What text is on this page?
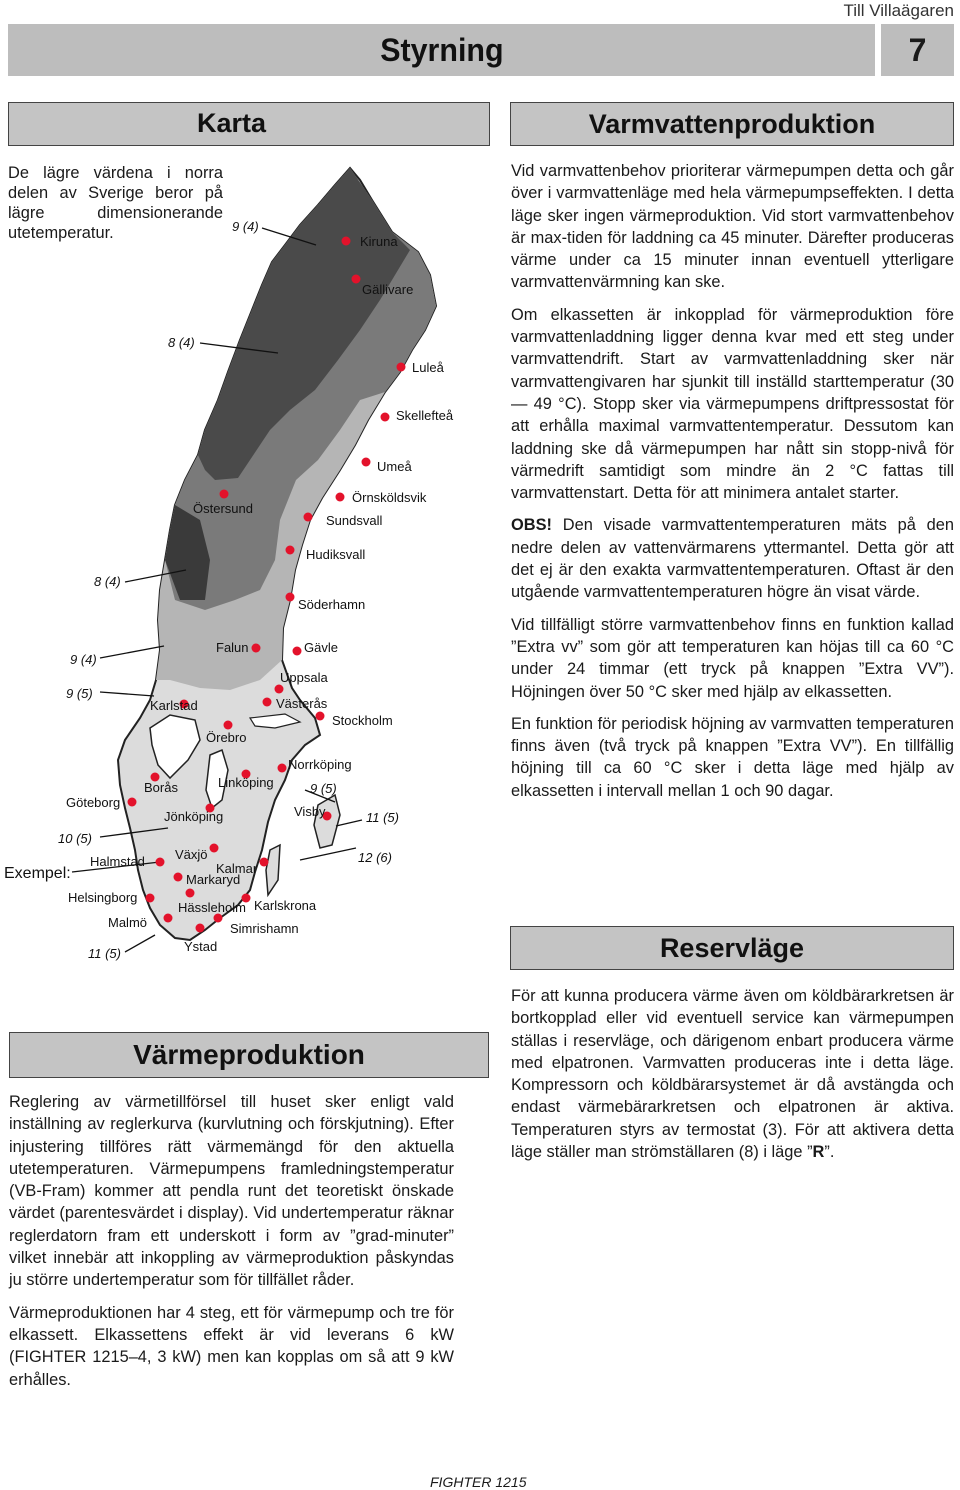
Till Villaägaren
Styrning	7
Karta
De lägre värdena i norra delen av Sverige beror på lägre dimensionerande utetemperatur.	9 (4)
8 (4)
8 (4)
9 (4)
9 (5)
10 (5)
11 (5)
9 (5)
11 (5)
12 (6)
Exempel:
Kiruna
Gällivare
Luleå
Skellefteå
Umeå
Örnsköldsvik
Östersund
Sundsvall
Hudiksvall
Söderhamn
Falun	Gävle
Uppsala
Karlstad	Västerås
Stockholm
Örebro
Norrköping
Linköping
Borås
Göteborg
Jönköping	Visby
Växjö
Halmstad	Kalmar
Markaryd
Helsingborg
Hässleholm Karlskrona
Malmö	Simrishamn
Ystad
Värmeproduktion

Reglering av värmetillförsel till huset sker enligt vald inställning av reglerkurva (kurvlutning och förskjutning). Efter injustering tillföres rätt värmemängd för den aktuella utetemperaturen. Värmepumpens framledningstemperatur (VB-Fram) kommer att pendla runt det teoretiskt önskade värdet (parentesvärdet i display). Vid undertemperatur räknar reglerdatorn fram ett underskott i form av ”grad-minuter” vilket innebär att inkoppling av värmeproduktion påskyndas ju större undertemperatur som för tillfället råder.

Värmeproduktionen har 4 steg, ett för värmepump och tre för elkassett. Elkassettens effekt är vid leverans 6 kW (FIGHTER 1215–4, 3 kW) men kan kopplas om så att 9 kW erhålles.

Varmvattenproduktion

Vid varmvattenbehov prioriterar värmepumpen detta och går över i varmvattenläge med hela värmepumpseffekten. I detta läge sker ingen värmeproduktion. Vid stort varmvattenbehov är max-tiden för laddning ca 45 minuter. Därefter produceras värme under ca 15 minuter innan eventuell ytterligare varmvattenvärmning kan ske.

Om elkassetten är inkopplad för värmeproduktion före varmvattenladdning ligger denna kvar med ett steg under varmvattendrift. Start av varmvattenladdning sker när varmvattengivaren har sjunkit till inställd starttemperatur (30 — 49 °C). Stopp sker via värmepumpens driftpressostat för att erhålla maximal varmvattentemperatur. Dessutom kan laddning ske då värmepumpen har nått sin stopp-nivå för värmedrift samtidigt som mindre än 2 °C fattas till varmvattenstart. Detta för att minimera antalet starter.

OBS! Den visade varmvattentemperaturen mäts på den nedre delen av vattenvärmarens yttermantel. Detta gör att det ej är den exakta varmvattentemperaturen. Oftast är den utgående varmvattentemperaturen högre än visat värde.

Vid tillfälligt större varmvattenbehov finns en funktion kallad ”Extra vv” som gör att temperaturen kan höjas till ca 60 °C under 24 timmar (ett tryck på knappen ”Extra VV”). Höjningen över 50 °C sker med hjälp av elkassetten.

En funktion för periodisk höjning av varmvatten temperaturen finns även (två tryck på knappen ”Extra VV”). En tillfällig höjning till ca 60 °C sker i detta läge med hjälp av elkassetten i intervall mellan 1 och 90 dagar.

Reservläge

För att kunna producera värme även om köldbärarkretsen är bortkopplad eller vid eventuell service kan värmepumpen ställas i reservläge, och därigenom enbart producera värme med elpatronen. Varmvatten produceras inte i detta läge. Kompressorn och köldbärarsystemet är då avstängda och endast värmebärarkretsen och elpatronen är aktiva. Temperaturen styrs av termostat (3). För att aktivera detta läge ställer man strömställaren (8) i läge ”R”.

FIGHTER 1215
